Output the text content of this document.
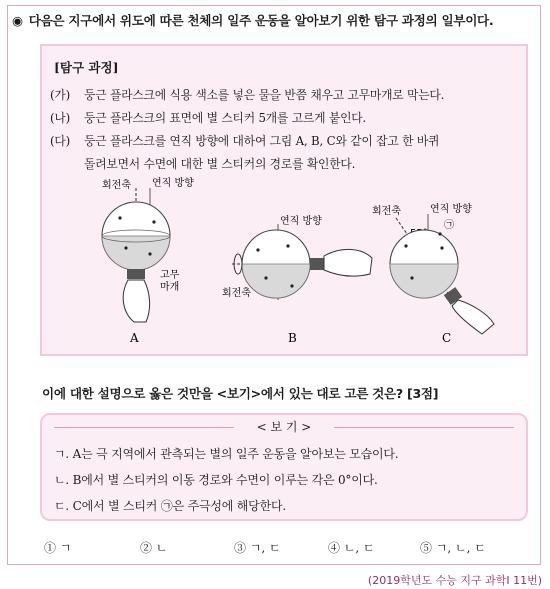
◉ 다음은 지구에서 위도에 따른 천체의 일주 운동을 알아보기 위한 탐구 과정의 일부이다.
[탐구 과정]
(가) 둥근 플라스크에 식용 색소를 넣은 물을 반쯤 채우고 고무마개로 막는다.
(나) 둥근 플라스크의 표면에 별 스티커 5개를 고르게 붙인다.
(다) 둥근 플라스크를 연직 방향에 대하여 그림 A, B, C와 같이 잡고 한 바퀴
돌려보면서 수면에 대한 별 스티커의 경로를 확인한다.
회전축 연직 방향
고무
마개
A
연직 방향
회전축
B
연직 방향
회전축
㉠
C
이에 대한 설명으로 옳은 것만을 <보기>에서 있는 대로 고른 것은? [3점]
< 보 기 >
ㄱ. A는 극 지역에서 관측되는 별의 일주 운동을 알아보는 모습이다.
ㄴ. B에서 별 스티커의 이동 경로와 수면이 이루는 각은 0°이다.
ㄷ. C에서 별 스티커 ㉠은 주극성에 해당한다.
① ㄱ	② ㄴ	③ ㄱ, ㄷ	④ ㄴ, ㄷ	⑤ ㄱ, ㄴ, ㄷ
(2019학년도 수능 지구 과학Ⅰ 11번)
